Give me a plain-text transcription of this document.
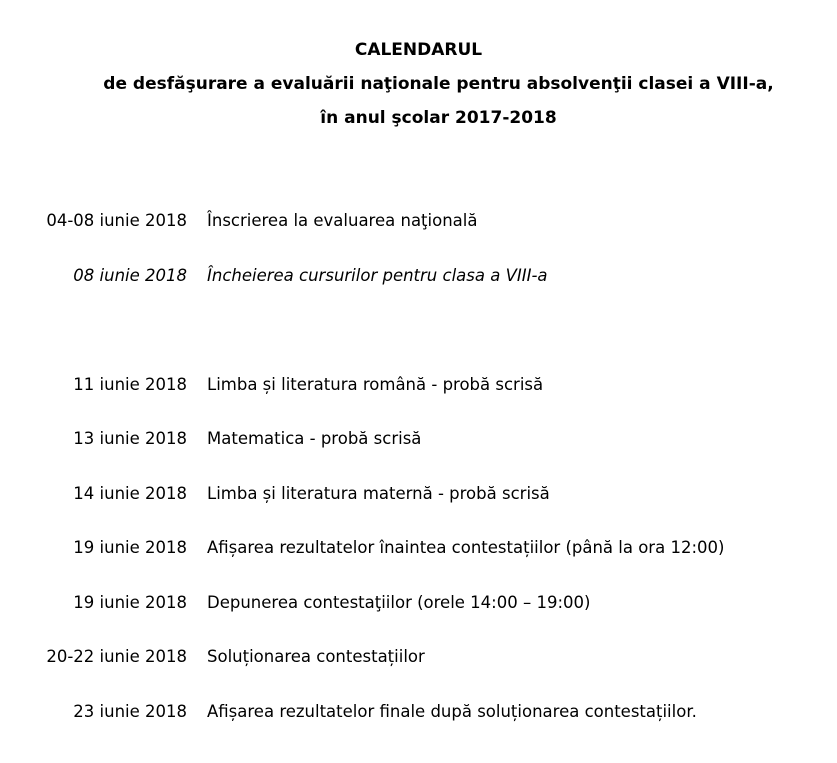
CALENDARUL
de desfăşurare a evaluării naţionale pentru absolvenţii clasei a VIII-a,
în anul şcolar 2017-2018
04-08 iunie 2018 Înscrierea la evaluarea naţională
08 iunie 2018 Încheierea cursurilor pentru clasa a VIII-a
11 iunie 2018 Limba și literatura română - probă scrisă
13 iunie 2018 Matematica - probă scrisă
14 iunie 2018 Limba și literatura maternă - probă scrisă
19 iunie 2018 Afișarea rezultatelor înaintea contestațiilor (până la ora 12:00)
19 iunie 2018 Depunerea contestaţiilor (orele 14:00 – 19:00)
20-22 iunie 2018 Soluționarea contestațiilor
23 iunie 2018 Afișarea rezultatelor finale după soluționarea contestațiilor.
